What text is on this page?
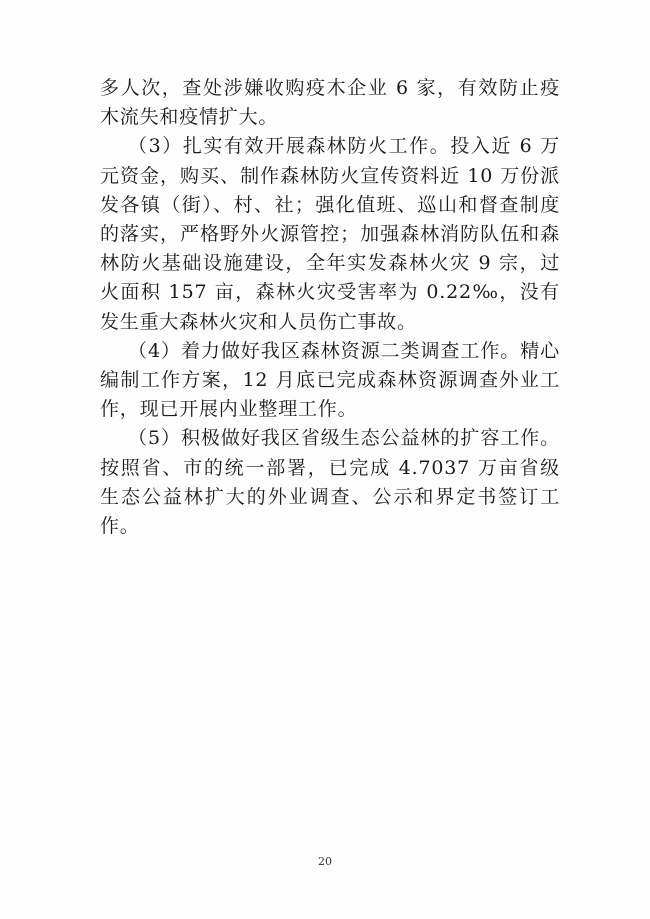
多人次，查处涉嫌收购疫木企业 6 家，有效防止疫木流失和疫情扩大。

（3）扎实有效开展森林防火工作。投入近 6 万元资金，购买、制作森林防火宣传资料近 10 万份派发各镇（街）、村、社；强化值班、巡山和督查制度的落实，严格野外火源管控；加强森林消防队伍和森林防火基础设施建设，全年实发森林火灾 9 宗，过火面积 157 亩，森林火灾受害率为 0.22‰，没有发生重大森林火灾和人员伤亡事故。

（4）着力做好我区森林资源二类调查工作。精心编制工作方案，12 月底已完成森林资源调查外业工作，现已开展内业整理工作。

（5）积极做好我区省级生态公益林的扩容工作。按照省、市的统一部署，已完成 4.7037 万亩省级生态公益林扩大的外业调查、公示和界定书签订工作。

20
